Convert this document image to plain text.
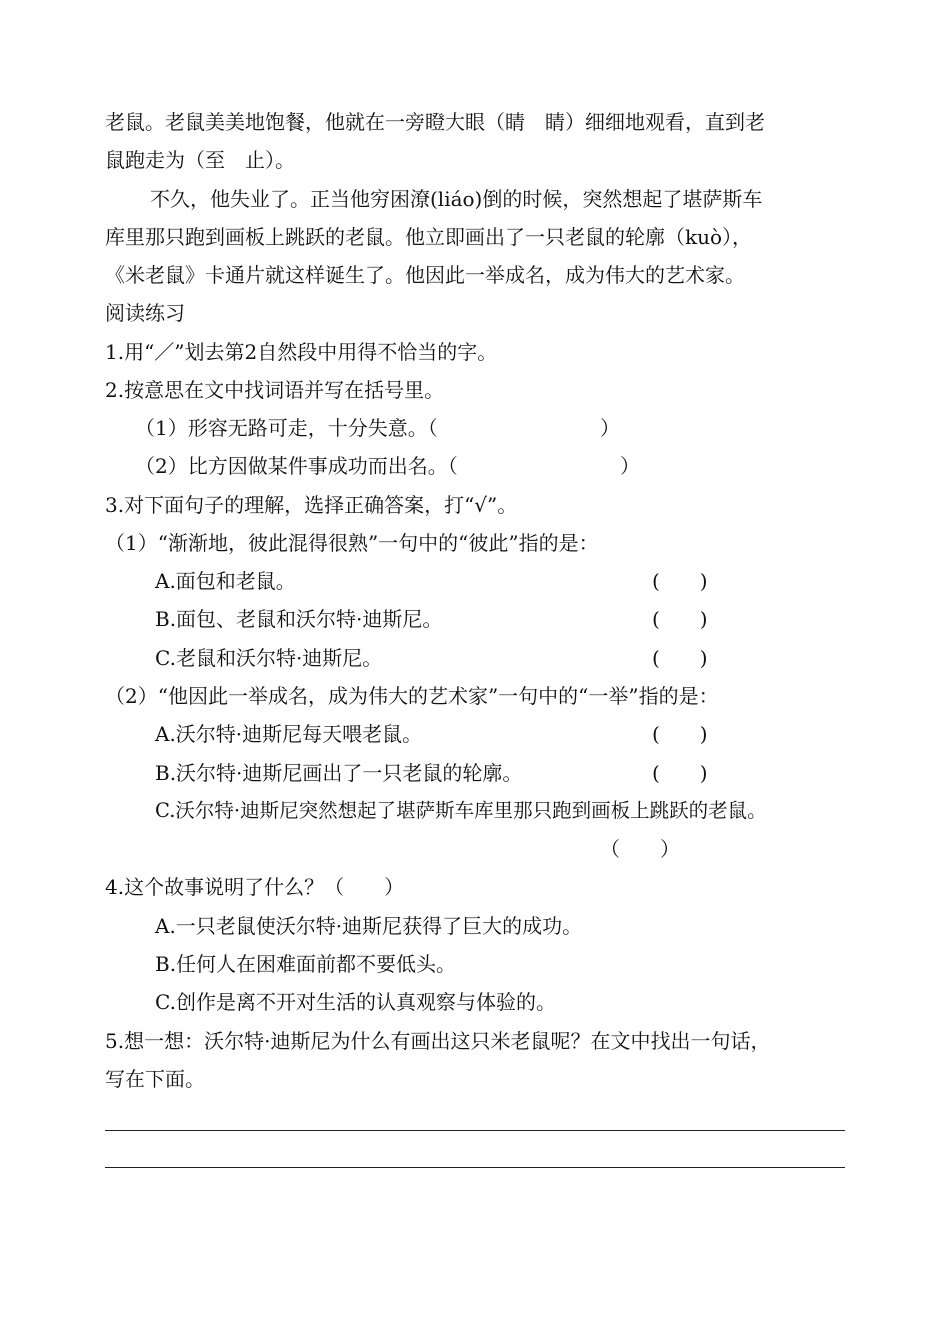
老鼠。老鼠美美地饱餐，他就在一旁瞪大眼（睛　睛）细细地观看，直到老
鼠跑走为（至　止）。
不久，他失业了。正当他穷困潦(liáo)倒的时候，突然想起了堪萨斯车
库里那只跑到画板上跳跃的老鼠。他立即画出了一只老鼠的轮廓（kuò），
《米老鼠》卡通片就这样诞生了。他因此一举成名，成为伟大的艺术家。
阅读练习
1.用“／”划去第2自然段中用得不恰当的字。
2.按意思在文中找词语并写在括号里。
（1）形容无路可走，十分失意。（	）
（2）比方因做某件事成功而出名。（	）
3.对下面句子的理解，选择正确答案，打“√”。
（1）“渐渐地，彼此混得很熟”一句中的“彼此”指的是：
A.面包和老鼠。	(　　)
B.面包、老鼠和沃尔特·迪斯尼。	(　　)
C.老鼠和沃尔特·迪斯尼。	(　　)
（2）“他因此一举成名，成为伟大的艺术家”一句中的“一举”指的是：
A.沃尔特·迪斯尼每天喂老鼠。	(　　)
B.沃尔特·迪斯尼画出了一只老鼠的轮廓。	(　　)
C.沃尔特·迪斯尼突然想起了堪萨斯车库里那只跑到画板上跳跃的老鼠。
（　　）
4.这个故事说明了什么？（　　）
A.一只老鼠使沃尔特·迪斯尼获得了巨大的成功。
B.任何人在困难面前都不要低头。
C.创作是离不开对生活的认真观察与体验的。
5.想一想：沃尔特·迪斯尼为什么有画出这只米老鼠呢？在文中找出一句话，
写在下面。
